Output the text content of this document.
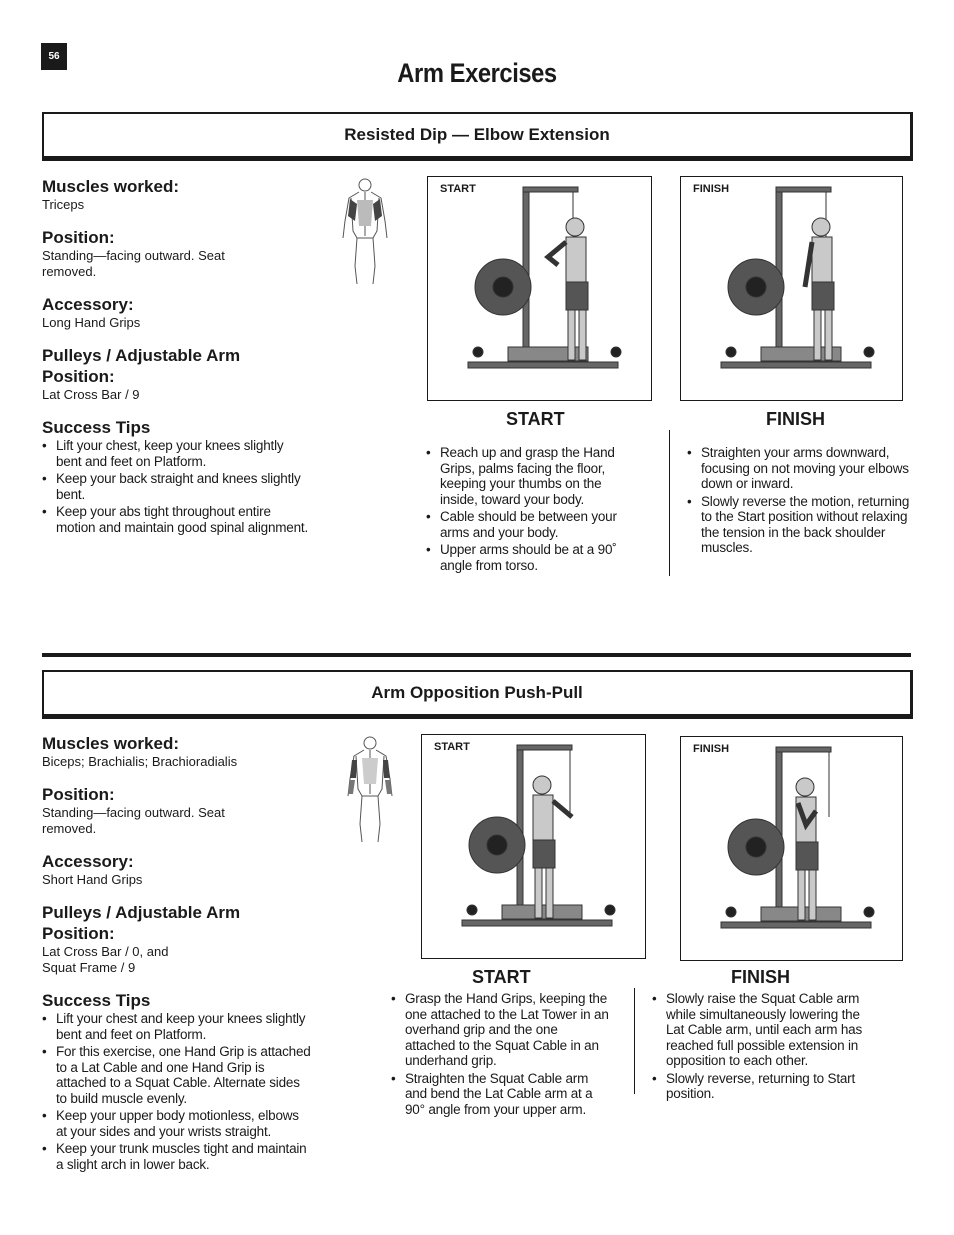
56
Arm Exercises
Resisted Dip — Elbow Extension
Muscles worked:
Triceps
Position:
Standing—facing outward. Seat removed.
Accessory:
Long Hand Grips
Pulleys / Adjustable Arm Position:
Lat Cross Bar / 9
Success Tips
• Lift your chest, keep your knees slightly bent and feet on Platform.
• Keep your back straight and knees slightly bent.
• Keep your abs tight throughout entire motion and maintain good spinal alignment.
START	FINISH
START	FINISH
• Reach up and grasp the Hand Grips, palms facing the floor, keeping your thumbs on the inside, toward your body.
• Cable should be between your arms and your body.
• Upper arms should be at a 90˚ angle from torso.
• Straighten your arms downward, focusing on not moving your elbows down or inward.
• Slowly reverse the motion, returning to the Start position without relaxing the tension in the back shoulder muscles.
Arm Opposition Push-Pull
Muscles worked:
Biceps; Brachialis; Brachioradialis
Position:
Standing—facing outward. Seat removed.
Accessory:
Short Hand Grips
Pulleys / Adjustable Arm Position:
Lat Cross Bar / 0, and
Squat Frame / 9
Success Tips
• Lift your chest and keep your knees slightly bent and feet on Platform.
• For this exercise, one Hand Grip is attached to a Lat Cable and one Hand Grip is attached to a Squat Cable. Alternate sides to build muscle evenly.
• Keep your upper body motionless, elbows at your sides and your wrists straight.
• Keep your trunk muscles tight and maintain a slight arch in lower back.
START	FINISH
START	FINISH
• Grasp the Hand Grips, keeping the one attached to the Lat Tower in an overhand grip and the one attached to the Squat Cable in an underhand grip.
• Straighten the Squat Cable arm and bend the Lat Cable arm at a 90° angle from your upper arm.
• Slowly raise the Squat Cable arm while simultaneously lowering the Lat Cable arm, until each arm has reached full possible extension in opposition to each other.
• Slowly reverse, returning to Start position.
